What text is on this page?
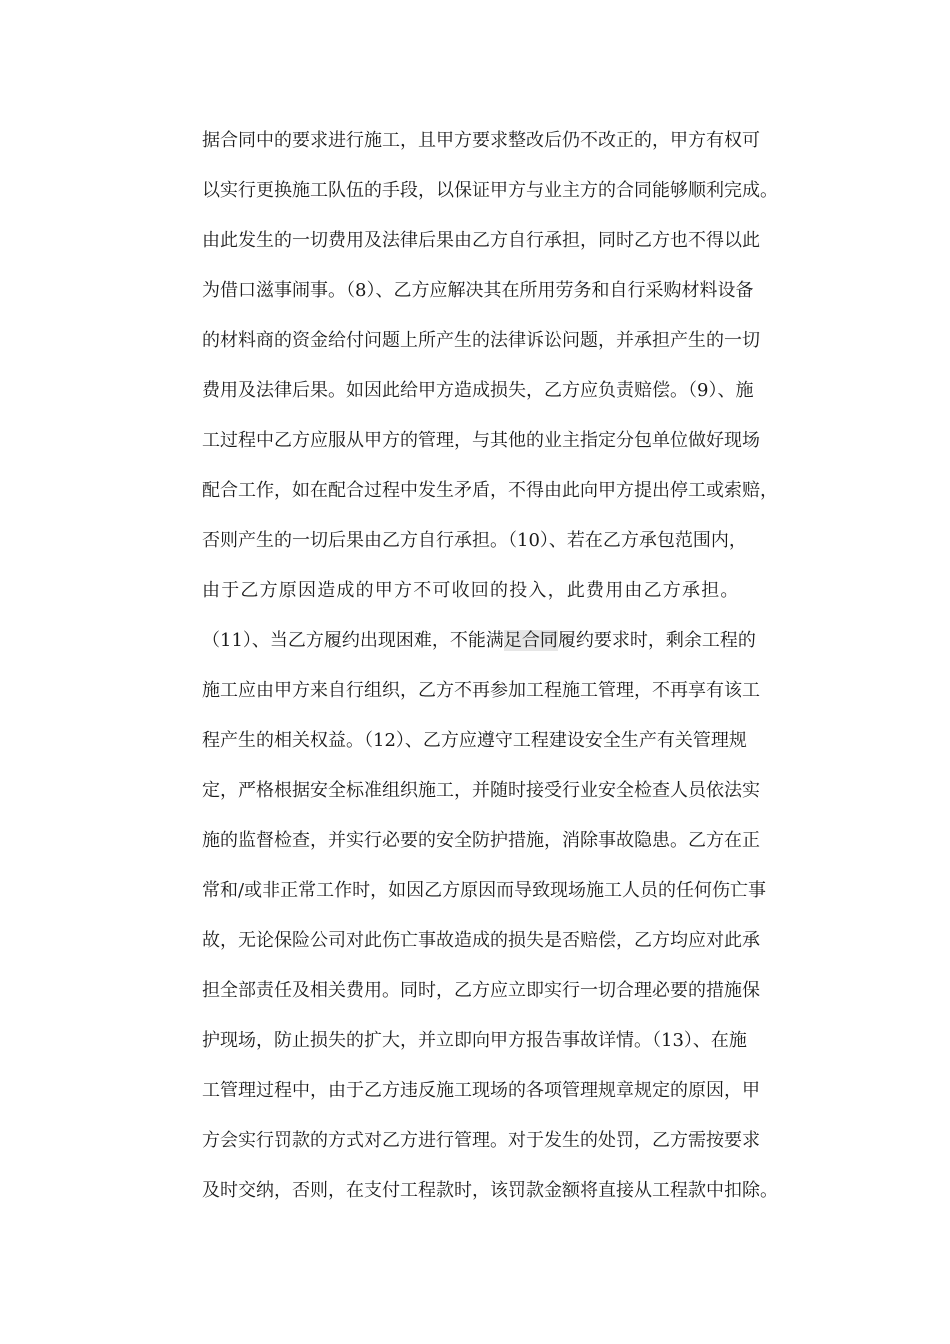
据合同中的要求进行施工，且甲方要求整改后仍不改正的，甲方有权可
以实行更换施工队伍的手段，以保证甲方与业主方的合同能够顺利完成。
由此发生的一切费用及法律后果由乙方自行承担，同时乙方也不得以此
为借口滋事闹事。（8）、乙方应解决其在所用劳务和自行采购材料设备
的材料商的资金给付问题上所产生的法律诉讼问题，并承担产生的一切
费用及法律后果。如因此给甲方造成损失，乙方应负责赔偿。（9）、施
工过程中乙方应服从甲方的管理，与其他的业主指定分包单位做好现场
配合工作，如在配合过程中发生矛盾，不得由此向甲方提出停工或索赔，
否则产生的一切后果由乙方自行承担。（10）、若在乙方承包范围内，
由于乙方原因造成的甲方不可收回的投入，此费用由乙方承担。
（11）、当乙方履约出现困难，不能满足合同履约要求时，剩余工程的
施工应由甲方来自行组织，乙方不再参加工程施工管理，不再享有该工
程产生的相关权益。（12）、乙方应遵守工程建设安全生产有关管理规
定，严格根据安全标准组织施工，并随时接受行业安全检查人员依法实
施的监督检查，并实行必要的安全防护措施，消除事故隐患。乙方在正
常和/或非正常工作时，如因乙方原因而导致现场施工人员的任何伤亡事
故，无论保险公司对此伤亡事故造成的损失是否赔偿，乙方均应对此承
担全部责任及相关费用。同时，乙方应立即实行一切合理必要的措施保
护现场，防止损失的扩大，并立即向甲方报告事故详情。（13）、在施
工管理过程中，由于乙方违反施工现场的各项管理规章规定的原因，甲
方会实行罚款的方式对乙方进行管理。对于发生的处罚，乙方需按要求
及时交纳，否则，在支付工程款时，该罚款金额将直接从工程款中扣除。
